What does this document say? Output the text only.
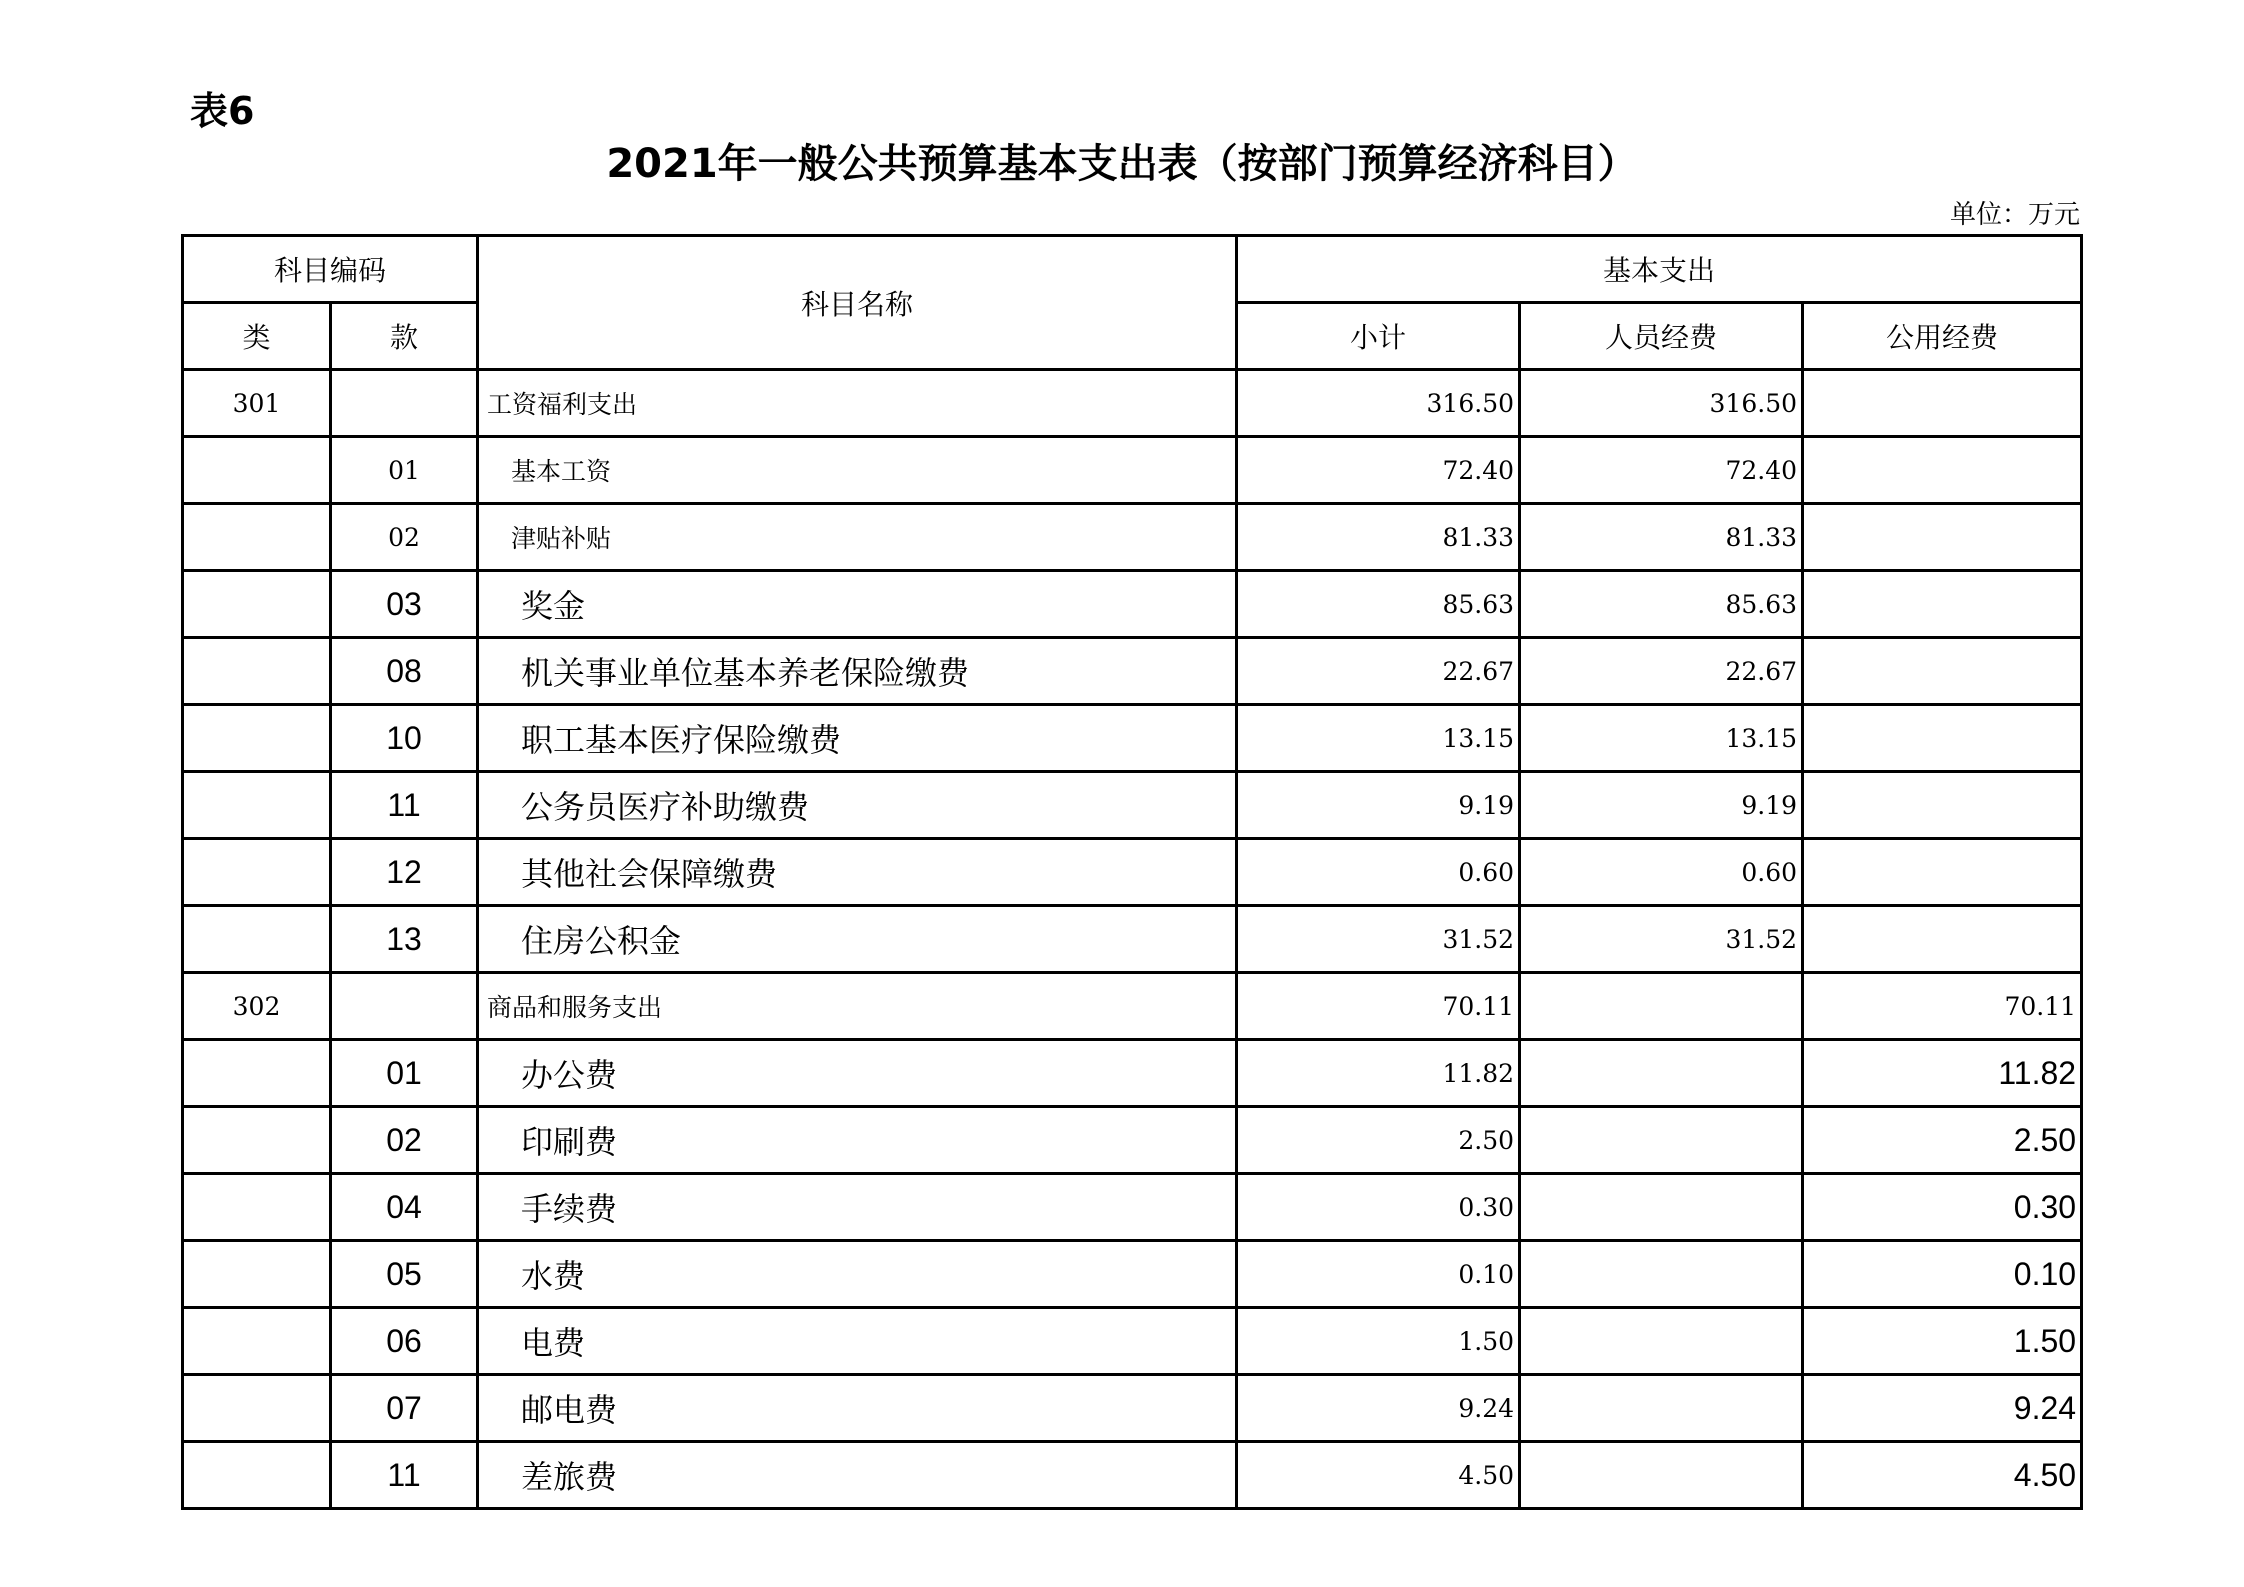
表6
2021年一般公共预算基本支出表（按部门预算经济科目）
单位：万元
科目编码		科目名称	基本支出		
类	款		小计	人员经费	公用经费
301		工资福利支出	316.50	316.50	
	01	基本工资	72.40	72.40	
	02	津贴补贴	81.33	81.33	
	03	奖金	85.63	85.63	
	08	机关事业单位基本养老保险缴费	22.67	22.67	
	10	职工基本医疗保险缴费	13.15	13.15	
	11	公务员医疗补助缴费	9.19	9.19	
	12	其他社会保障缴费	0.60	0.60	
	13	住房公积金	31.52	31.52	
302		商品和服务支出	70.11		70.11
	01	办公费	11.82		11.82
	02	印刷费	2.50		2.50
	04	手续费	0.30		0.30
	05	水费	0.10		0.10
	06	电费	1.50		1.50
	07	邮电费	9.24		9.24
	11	差旅费	4.50		4.50
